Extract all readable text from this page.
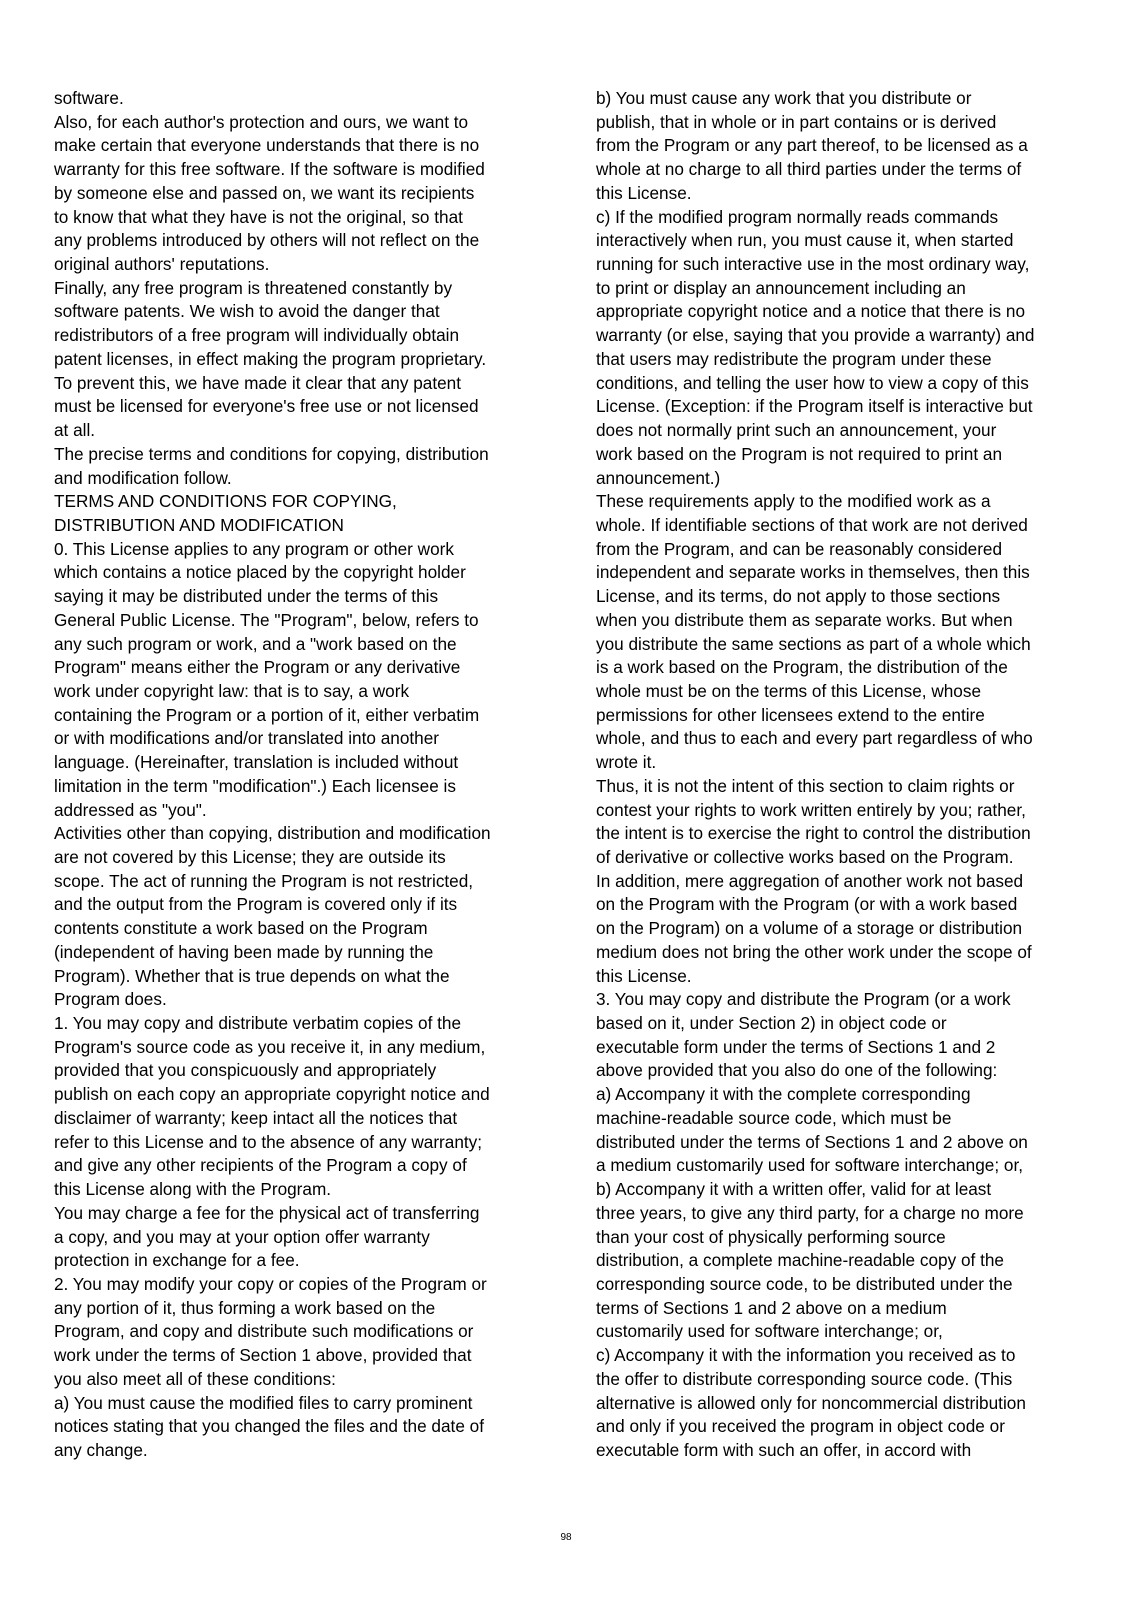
software.
Also, for each author's protection and ours, we want to
make certain that everyone understands that there is no
warranty for this free software. If the software is modified
by someone else and passed on, we want its recipients
to know that what they have is not the original, so that
any problems introduced by others will not reflect on the
original authors' reputations.
Finally, any free program is threatened constantly by
software patents. We wish to avoid the danger that
redistributors of a free program will individually obtain
patent licenses, in effect making the program proprietary.
To prevent this, we have made it clear that any patent
must be licensed for everyone's free use or not licensed
at all.
The precise terms and conditions for copying, distribution
and modification follow.
TERMS AND CONDITIONS FOR COPYING,
DISTRIBUTION AND MODIFICATION
0. This License applies to any program or other work
which contains a notice placed by the copyright holder
saying it may be distributed under the terms of this
General Public License. The "Program", below, refers to
any such program or work, and a "work based on the
Program" means either the Program or any derivative
work under copyright law: that is to say, a work
containing the Program or a portion of it, either verbatim
or with modifications and/or translated into another
language. (Hereinafter, translation is included without
limitation in the term "modification".) Each licensee is
addressed as "you".
Activities other than copying, distribution and modification
are not covered by this License; they are outside its
scope. The act of running the Program is not restricted,
and the output from the Program is covered only if its
contents constitute a work based on the Program
(independent of having been made by running the
Program). Whether that is true depends on what the
Program does.
1. You may copy and distribute verbatim copies of the
Program's source code as you receive it, in any medium,
provided that you conspicuously and appropriately
publish on each copy an appropriate copyright notice and
disclaimer of warranty; keep intact all the notices that
refer to this License and to the absence of any warranty;
and give any other recipients of the Program a copy of
this License along with the Program.
You may charge a fee for the physical act of transferring
a copy, and you may at your option offer warranty
protection in exchange for a fee.
2. You may modify your copy or copies of the Program or
any portion of it, thus forming a work based on the
Program, and copy and distribute such modifications or
work under the terms of Section 1 above, provided that
you also meet all of these conditions:
a) You must cause the modified files to carry prominent
notices stating that you changed the files and the date of
any change.
b) You must cause any work that you distribute or
publish, that in whole or in part contains or is derived
from the Program or any part thereof, to be licensed as a
whole at no charge to all third parties under the terms of
this License.
c) If the modified program normally reads commands
interactively when run, you must cause it, when started
running for such interactive use in the most ordinary way,
to print or display an announcement including an
appropriate copyright notice and a notice that there is no
warranty (or else, saying that you provide a warranty) and
that users may redistribute the program under these
conditions, and telling the user how to view a copy of this
License. (Exception: if the Program itself is interactive but
does not normally print such an announcement, your
work based on the Program is not required to print an
announcement.)
These requirements apply to the modified work as a
whole. If identifiable sections of that work are not derived
from the Program, and can be reasonably considered
independent and separate works in themselves, then this
License, and its terms, do not apply to those sections
when you distribute them as separate works. But when
you distribute the same sections as part of a whole which
is a work based on the Program, the distribution of the
whole must be on the terms of this License, whose
permissions for other licensees extend to the entire
whole, and thus to each and every part regardless of who
wrote it.
Thus, it is not the intent of this section to claim rights or
contest your rights to work written entirely by you; rather,
the intent is to exercise the right to control the distribution
of derivative or collective works based on the Program.
In addition, mere aggregation of another work not based
on the Program with the Program (or with a work based
on the Program) on a volume of a storage or distribution
medium does not bring the other work under the scope of
this License.
3. You may copy and distribute the Program (or a work
based on it, under Section 2) in object code or
executable form under the terms of Sections 1 and 2
above provided that you also do one of the following:
a) Accompany it with the complete corresponding
machine-readable source code, which must be
distributed under the terms of Sections 1 and 2 above on
a medium customarily used for software interchange; or,
b) Accompany it with a written offer, valid for at least
three years, to give any third party, for a charge no more
than your cost of physically performing source
distribution, a complete machine-readable copy of the
corresponding source code, to be distributed under the
terms of Sections 1 and 2 above on a medium
customarily used for software interchange; or,
c) Accompany it with the information you received as to
the offer to distribute corresponding source code. (This
alternative is allowed only for noncommercial distribution
and only if you received the program in object code or
executable form with such an offer, in accord with
98
